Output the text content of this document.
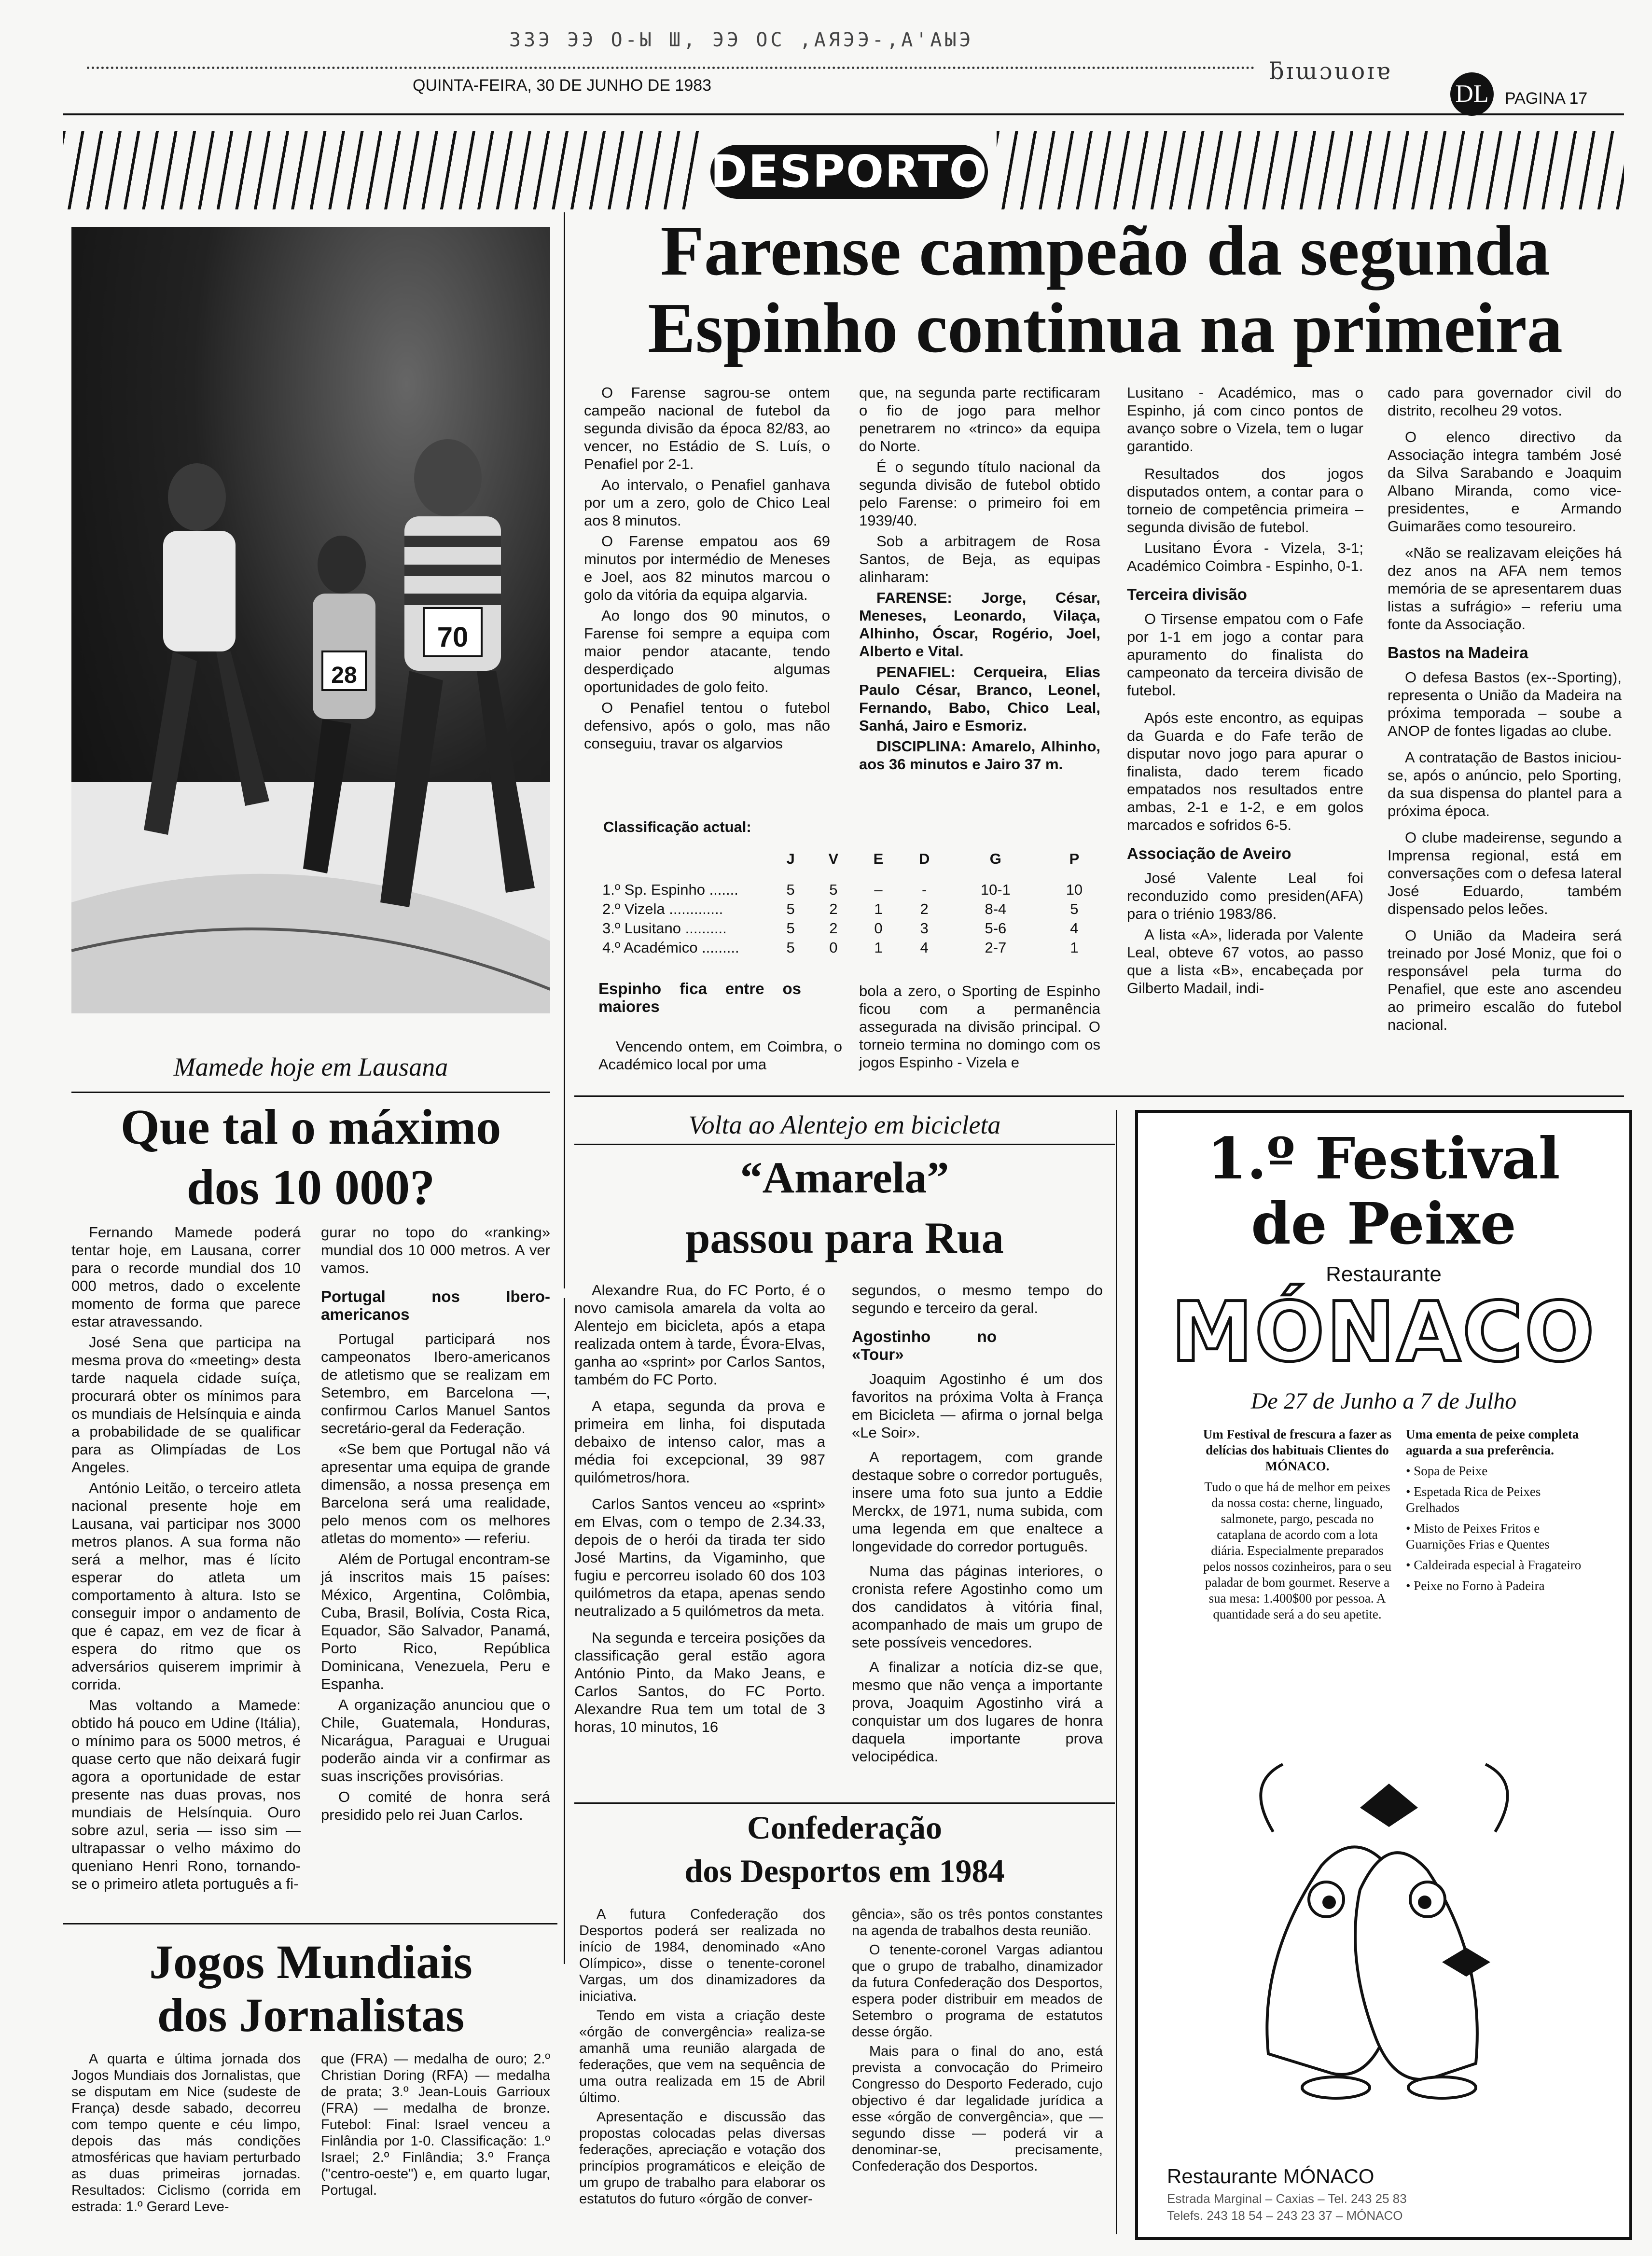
ЗЗЭ ЭЭ О-Ы Ш, ЭЭ ОС ,АЯЭЭ-,А'АЫЭ
ƃɪɯɔuoɪɐ
QUINTA-FEIRA, 30 DE JUNHO DE 1983	DL PAGINA 17
DESPORTO
70
28
Farense campeão da segunda
Espinho continua na primeira

O Farense sagrou-se ontem campeão nacional de futebol da segunda divisão da época 82/83, ao vencer, no Estádio de S. Luís, o Penafiel por 2-1.

Ao intervalo, o Penafiel ganhava por um a zero, golo de Chico Leal aos 8 minutos.

O Farense empatou aos 69 minutos por intermédio de Meneses e Joel, aos 82 minutos marcou o golo da vitória da equipa algarvia.

Ao longo dos 90 minutos, o Farense foi sempre a equipa com maior pendor atacante, tendo desperdiçado algumas oportunidades de golo feito.

O Penafiel tentou o futebol defensivo, após o golo, mas não conseguiu, travar os algarvios

que, na segunda parte rectificaram o fio de jogo para melhor penetrarem no «trinco» da equipa do Norte.

É o segundo título nacional da segunda divisão de futebol obtido pelo Farense: o primeiro foi em 1939/40.

Sob a arbitragem de Rosa Santos, de Beja, as equipas alinharam:

FARENSE: Jorge, César, Meneses, Leonardo, Vilaça, Alhinho, Óscar, Rogério, Joel, Alberto e Vital.

PENAFIEL: Cerqueira, Elias Paulo César, Branco, Leonel, Fernando, Babo, Chico Leal, Sanhá, Jairo e Esmoriz.

DISCIPLINA: Amarelo, Alhinho, aos 36 minutos e Jairo 37 m.

Classificação actual:
	J	V	E	D	G	P

1.º Sp. Espinho .......	5	5	–	-	10-1	10
2.º Vizela .............	5	2	1	2	8-4	5
3.º Lusitano ..........	5	2	0	3	5-6	4
4.º Académico .........	5	0	1	4	2-7	1
Espinho fica entre os maiores

Vencendo ontem, em Coimbra, o Académico local por uma

bola a zero, o Sporting de Espinho ficou com a permanência assegurada na divisão principal. O torneio termina no domingo com os jogos Espinho - Vizela e

Lusitano - Académico, mas o Espinho, já com cinco pontos de avanço sobre o Vizela, tem o lugar garantido.

Resultados dos jogos disputados ontem, a contar para o torneio de competência primeira – segunda divisão de futebol.

Lusitano Évora - Vizela, 3-1; Académico Coimbra - Espinho, 0-1.

Terceira divisão

O Tirsense empatou com o Fafe por 1-1 em jogo a contar para apuramento do finalista do campeonato da terceira divisão de futebol.

Após este encontro, as equipas da Guarda e do Fafe terão de disputar novo jogo para apurar o finalista, dado terem ficado empatados nos resultados entre ambas, 2-1 e 1-2, e em golos marcados e sofridos 6-5.

Associação de Aveiro

José Valente Leal foi reconduzido como presiden(AFA) para o triénio 1983/86.

A lista «A», liderada por Valente Leal, obteve 67 votos, ao passo que a lista «B», encabeçada por Gilberto Madail, indi-

cado para governador civil do distrito, recolheu 29 votos.

O elenco directivo da Associação integra também José da Silva Sarabando e Joaquim Albano Miranda, como vice-presidentes, e Armando Guimarães como tesoureiro.

«Não se realizavam eleições há dez anos na AFA nem temos memória de se apresentarem duas listas a sufrágio» – referiu uma fonte da Associação.

Bastos na Madeira

O defesa Bastos (ex--Sporting), representa o União da Madeira na próxima temporada – soube a ANOP de fontes ligadas ao clube.

A contratação de Bastos iniciou-se, após o anúncio, pelo Sporting, da sua dispensa do plantel para a próxima época.

O clube madeirense, segundo a Imprensa regional, está em conversações com o defesa lateral José Eduardo, também dispensado pelos leões.

O União da Madeira será treinado por José Moniz, que foi o responsável pela turma do Penafiel, que este ano ascendeu ao primeiro escalão do futebol nacional.

Mamede hoje em Lausana
Que tal o máximo
dos 10 000?

Fernando Mamede poderá tentar hoje, em Lausana, correr para o recorde mundial dos 10 000 metros, dado o excelente momento de forma que parece estar atravessando.

José Sena que participa na mesma prova do «meeting» desta tarde naquela cidade suíça, procurará obter os mínimos para os mundiais de Helsínquia e ainda a probabilidade de se qualificar para as Olimpíadas de Los Angeles.

António Leitão, o terceiro atleta nacional presente hoje em Lausana, vai participar nos 3000 metros planos. A sua forma não será a melhor, mas é lícito esperar do atleta um comportamento à altura. Isto se conseguir impor o andamento de que é capaz, em vez de ficar à espera do ritmo que os adversários quiserem imprimir à corrida.

Mas voltando a Mamede: obtido há pouco em Udine (Itália), o mínimo para os 5000 metros, é quase certo que não deixará fugir agora a oportunidade de estar presente nas duas provas, nos mundiais de Helsínquia. Ouro sobre azul, seria — isso sim — ultrapassar o velho máximo do queniano Henri Rono, tornando-se o primeiro atleta português a fi-

gurar no topo do «ranking» mundial dos 10 000 metros. A ver vamos.

Portugal nos Ibero-americanos

Portugal participará nos campeonatos Ibero-americanos de atletismo que se realizam em Setembro, em Barcelona —, confirmou Carlos Manuel Santos secretário-geral da Federação.

«Se bem que Portugal não vá apresentar uma equipa de grande dimensão, a nossa presença em Barcelona será uma realidade, pelo menos com os melhores atletas do momento» — referiu.

Além de Portugal encontram-se já inscritos mais 15 países: México, Argentina, Colômbia, Cuba, Brasil, Bolívia, Costa Rica, Equador, São Salvador, Panamá, Porto Rico, República Dominicana, Venezuela, Peru e Espanha.

A organização anunciou que o Chile, Guatemala, Honduras, Nicarágua, Paraguai e Uruguai poderão ainda vir a confirmar as suas inscrições provisórias.

O comité de honra será presidido pelo rei Juan Carlos.

Jogos Mundiais
dos Jornalistas

A quarta e última jornada dos Jogos Mundiais dos Jornalistas, que se disputam em Nice (sudeste de França) desde sabado, decorreu com tempo quente e céu limpo, depois das más condições atmosféricas que haviam perturbado as duas primeiras jornadas. Resultados: Ciclismo (corrida em estrada: 1.º Gerard Leve-

que (FRA) — medalha de ouro; 2.º Christian Doring (RFA) — medalha de prata; 3.º Jean-Louis Garrioux (FRA) — medalha de bronze. Futebol: Final: Israel venceu a Finlândia por 1-0. Classificação: 1.º Israel; 2.º Finlândia; 3.º França ("centro-oeste") e, em quarto lugar, Portugal.

Volta ao Alentejo em bicicleta
“Amarela”
passou para Rua

Alexandre Rua, do FC Porto, é o novo camisola amarela da volta ao Alentejo em bicicleta, após a etapa realizada ontem à tarde, Évora-Elvas, ganha ao «sprint» por Carlos Santos, também do FC Porto.

A etapa, segunda da prova e primeira em linha, foi disputada debaixo de intenso calor, mas a média foi excepcional, 39 987 quilómetros/hora.

Carlos Santos venceu ao «sprint» em Elvas, com o tempo de 2.34.33, depois de o herói da tirada ter sido José Martins, da Vigaminho, que fugiu e percorreu isolado 60 dos 103 quilómetros da etapa, apenas sendo neutralizado a 5 quilómetros da meta.

Na segunda e terceira posições da classificação geral estão agora António Pinto, da Mako Jeans, e Carlos Santos, do FC Porto. Alexandre Rua tem um total de 3 horas, 10 minutos, 16

segundos, o mesmo tempo do segundo e terceiro da geral.

Agostinho no «Tour»

Joaquim Agostinho é um dos favoritos na próxima Volta à França em Bicicleta — afirma o jornal belga «Le Soir».

A reportagem, com grande destaque sobre o corredor português, insere uma foto sua junto a Eddie Merckx, de 1971, numa subida, com uma legenda em que enaltece a longevidade do corredor português.

Numa das páginas interiores, o cronista refere Agostinho como um dos candidatos à vitória final, acompanhado de mais um grupo de sete possíveis vencedores.

A finalizar a notícia diz-se que, mesmo que não vença a importante prova, Joaquim Agostinho virá a conquistar um dos lugares de honra daquela importante prova velocipédica.

Confederação
dos Desportos em 1984

A futura Confederação dos Desportos poderá ser realizada no início de 1984, denominado «Ano Olímpico», disse o tenente-coronel Vargas, um dos dinamizadores da iniciativa.

Tendo em vista a criação deste «órgão de convergência» realiza-se amanhã uma reunião alargada de federações, que vem na sequência de uma outra realizada em 15 de Abril último.

Apresentação e discussão das propostas colocadas pelas diversas federações, apreciação e votação dos princípios programáticos e eleição de um grupo de trabalho para elaborar os estatutos do futuro «órgão de conver-

gência», são os três pontos constantes na agenda de trabalhos desta reunião.

O tenente-coronel Vargas adiantou que o grupo de trabalho, dinamizador da futura Confederação dos Desportos, espera poder distribuir em meados de Setembro o programa de estatutos desse órgão.

Mais para o final do ano, está prevista a convocação do Primeiro Congresso do Desporto Federado, cujo objectivo é dar legalidade jurídica a esse «órgão de convergência», que — segundo disse — poderá vir a denominar-se, precisamente, Confederação dos Desportos.

1.º Festival
de Peixe
Restaurante
MÓNACO
De 27 de Junho a 7 de Julho

Um Festival de frescura a fazer as delícias dos habituais Clientes do MÓNACO.

Tudo o que há de melhor em peixes da nossa costa: cherne, linguado, salmonete, pargo, pescada no cataplana de acordo com a lota diária. Especialmente preparados pelos nossos cozinheiros, para o seu paladar de bom gourmet. Reserve a sua mesa: 1.400$00 por pessoa. A quantidade será a do seu apetite.

Uma ementa de peixe completa aguarda a sua preferência.

• Sopa de Peixe

• Espetada Rica de Peixes Grelhados

• Misto de Peixes Fritos e Guarnições Frias e Quentes

• Caldeirada especial à Fragateiro

• Peixe no Forno à Padeira

Restaurante MÓNACO
Estrada Marginal – Caxias – Tel. 243 25 83
Telefs. 243 18 54 – 243 23 37 – MÓNACO
